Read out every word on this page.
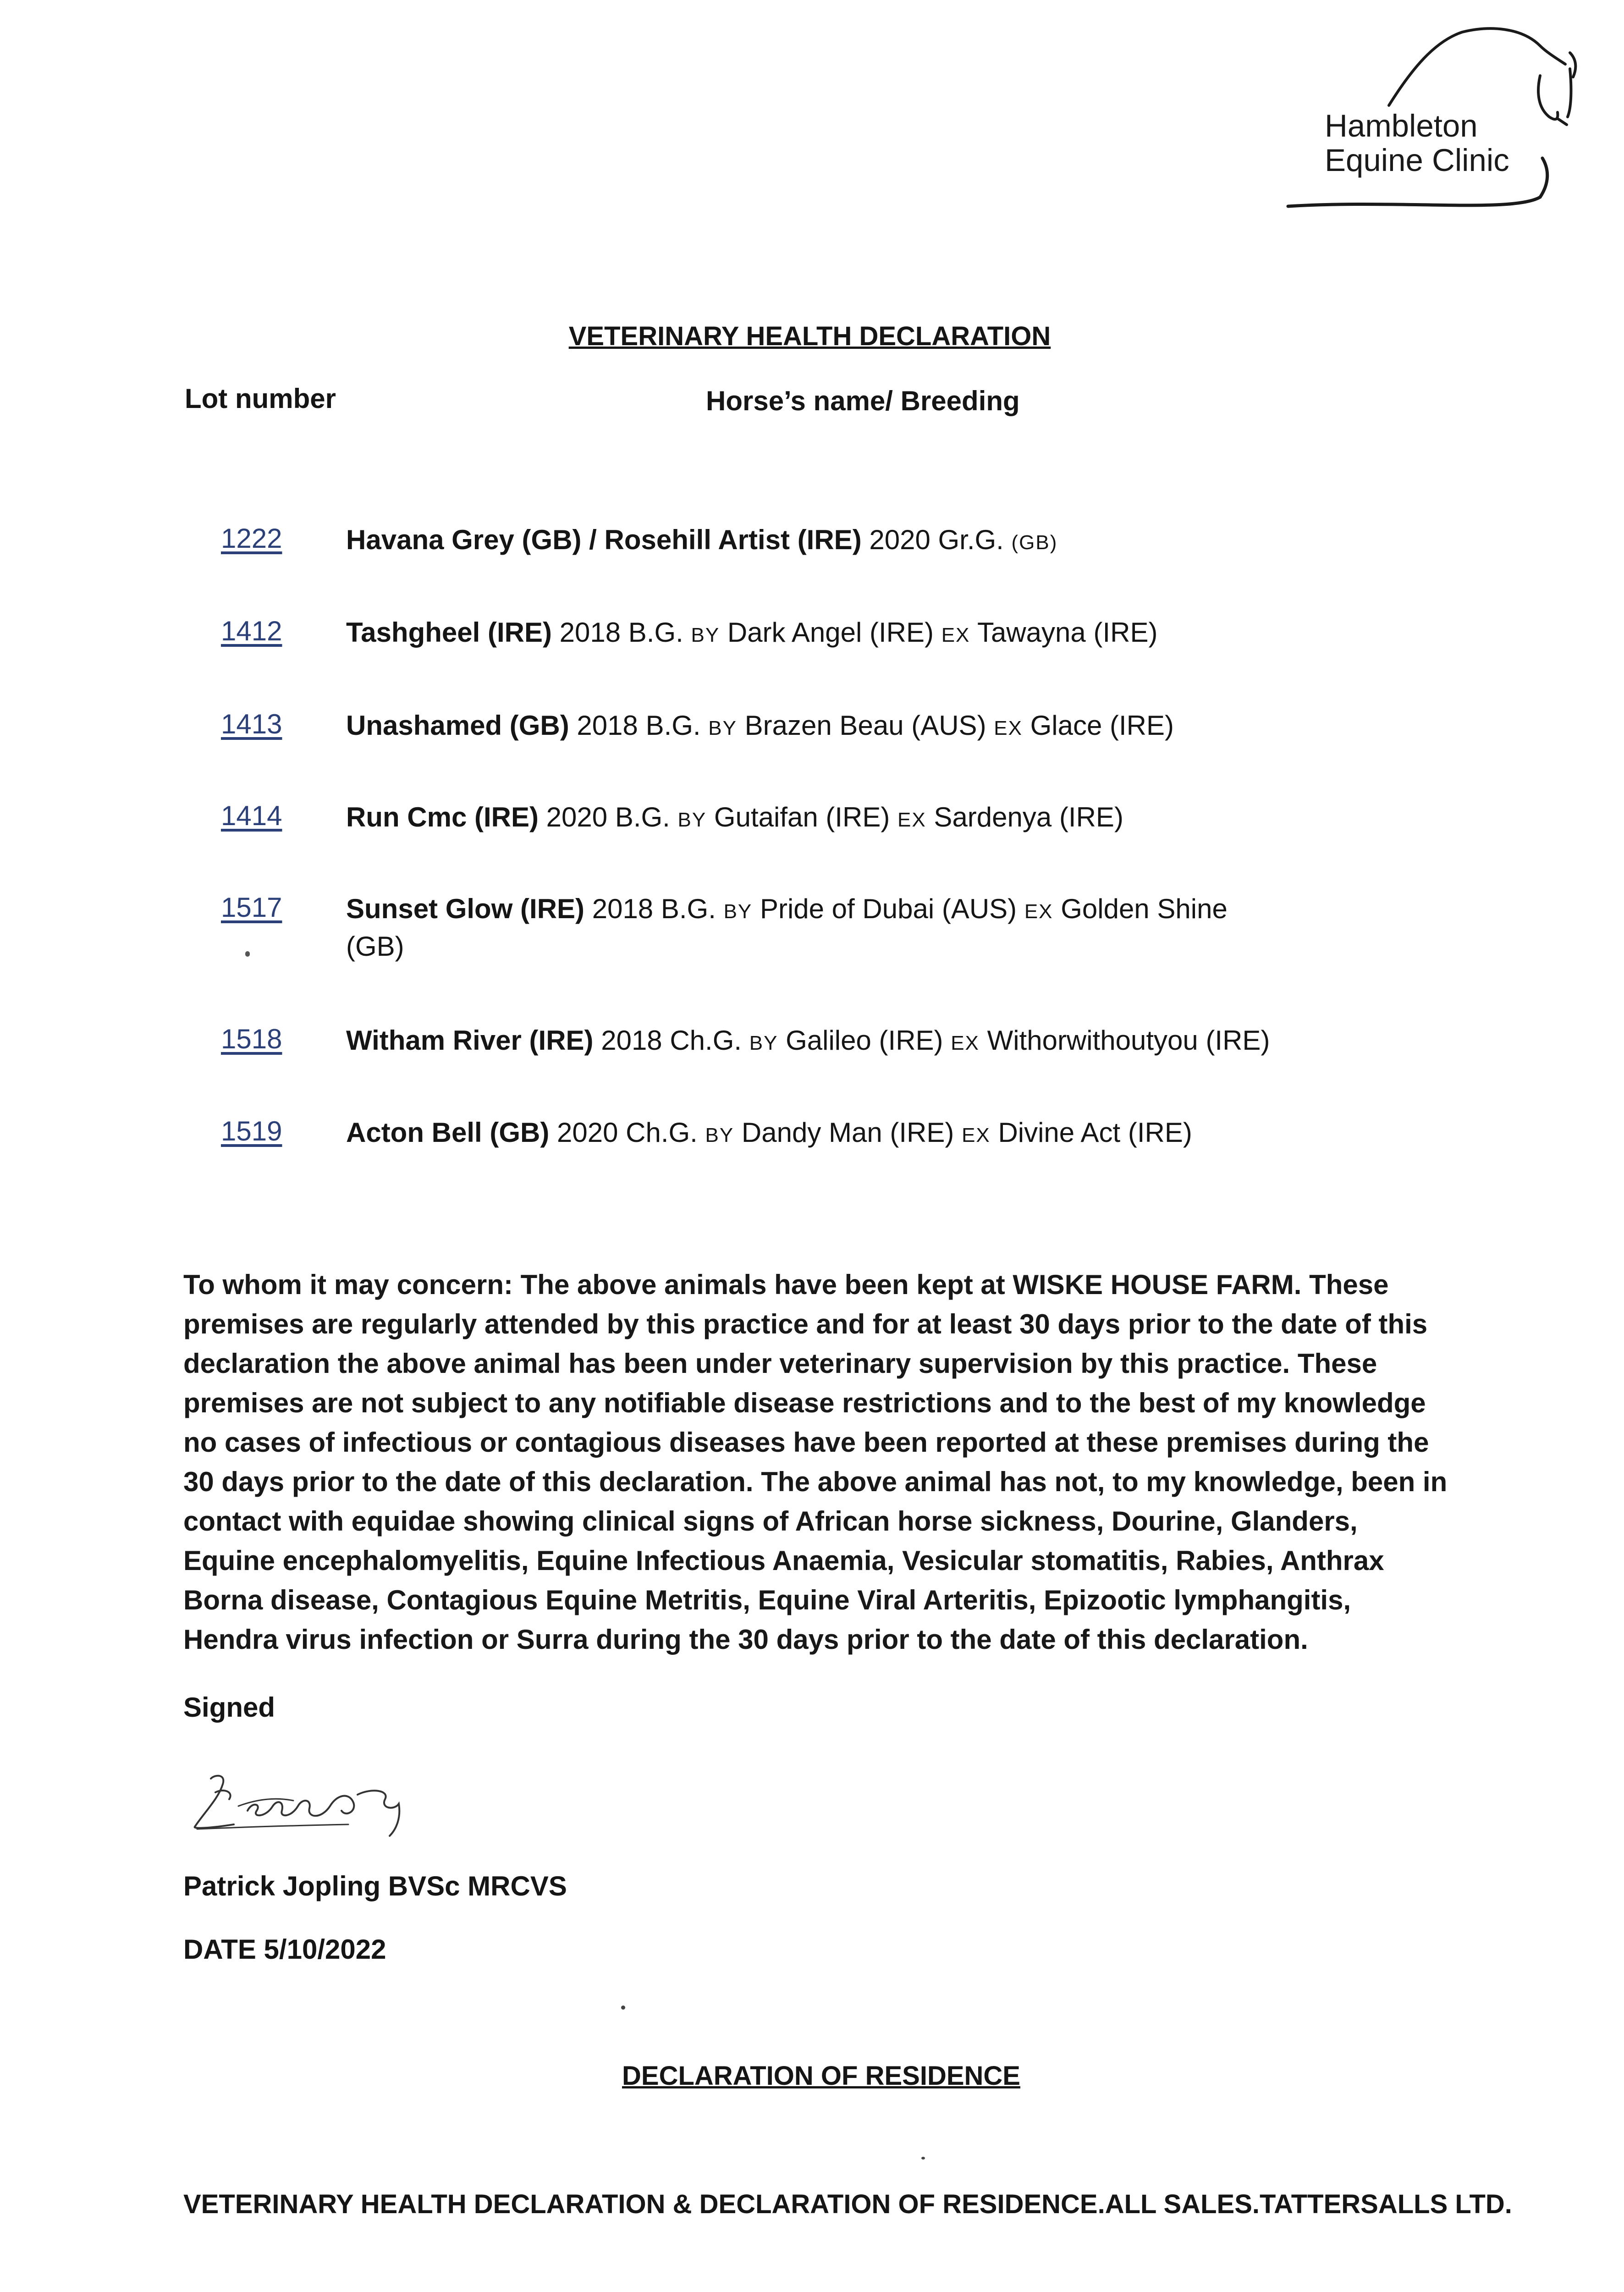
Hambleton
Equine Clinic
VETERINARY HEALTH DECLARATION
Lot number	Horse’s name/ Breeding
1222 Havana Grey (GB) / Rosehill Artist (IRE) 2020 Gr.G. (GB)
1412 Tashgheel (IRE) 2018 B.G. BY Dark Angel (IRE) EX Tawayna (IRE)
1413 Unashamed (GB) 2018 B.G. BY Brazen Beau (AUS) EX Glace (IRE)
1414 Run Cmc (IRE) 2020 B.G. BY Gutaifan (IRE) EX Sardenya (IRE)
1517 Sunset Glow (IRE) 2018 B.G. BY Pride of Dubai (AUS) EX Golden Shine (GB)
1518 Witham River (IRE) 2018 Ch.G. BY Galileo (IRE) EX Withorwithoutyou (IRE)
1519 Acton Bell (GB) 2020 Ch.G. BY Dandy Man (IRE) EX Divine Act (IRE)
To whom it may concern: The above animals have been kept at WISKE HOUSE FARM. These premises are regularly attended by this practice and for at least 30 days prior to the date of this declaration the above animal has been under veterinary supervision by this practice. These premises are not subject to any notifiable disease restrictions and to the best of my knowledge no cases of infectious or contagious diseases have been reported at these premises during the 30 days prior to the date of this declaration. The above animal has not, to my knowledge, been in contact with equidae showing clinical signs of African horse sickness, Dourine, Glanders, Equine encephalomyelitis, Equine Infectious Anaemia, Vesicular stomatitis, Rabies, Anthrax Borna disease, Contagious Equine Metritis, Equine Viral Arteritis, Epizootic lymphangitis, Hendra virus infection or Surra during the 30 days prior to the date of this declaration.
Signed
Patrick Jopling BVSc MRCVS
DATE 5/10/2022
DECLARATION OF RESIDENCE
VETERINARY HEALTH DECLARATION & DECLARATION OF RESIDENCE.ALL SALES.TATTERSALLS LTD.
